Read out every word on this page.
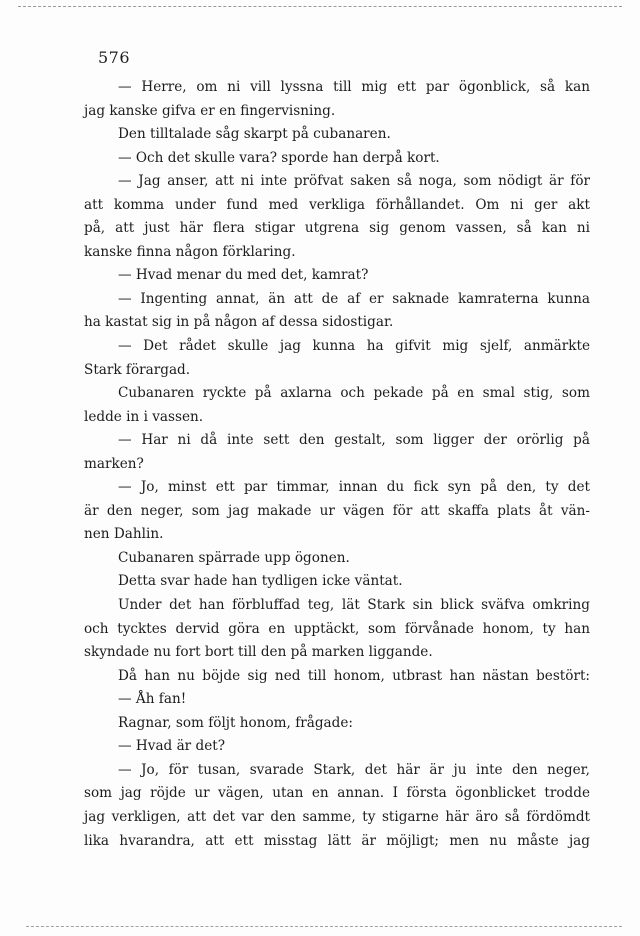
576
— Herre, om ni vill lyssna till mig ett par ögonblick, så kan
jag kanske gifva er en fingervisning.
Den tilltalade såg skarpt på cubanaren.
— Och det skulle vara? sporde han derpå kort.
— Jag anser, att ni inte pröfvat saken så noga, som nödigt är för
att komma under fund med verkliga förhållandet. Om ni ger akt
på, att just här flera stigar utgrena sig genom vassen, så kan ni
kanske finna någon förklaring.
— Hvad menar du med det, kamrat?
— Ingenting annat, än att de af er saknade kamraterna kunna
ha kastat sig in på någon af dessa sidostigar.
— Det rådet skulle jag kunna ha gifvit mig sjelf, anmärkte
Stark förargad.
Cubanaren ryckte på axlarna och pekade på en smal stig, som
ledde in i vassen.
— Har ni då inte sett den gestalt, som ligger der orörlig på
marken?
— Jo, minst ett par timmar, innan du fick syn på den, ty det
är den neger, som jag makade ur vägen för att skaffa plats åt vän-
nen Dahlin.
Cubanaren spärrade upp ögonen.
Detta svar hade han tydligen icke väntat.
Under det han förbluffad teg, lät Stark sin blick sväfva omkring
och tycktes dervid göra en upptäckt, som förvånade honom, ty han
skyndade nu fort bort till den på marken liggande.
Då han nu böjde sig ned till honom, utbrast han nästan bestört:
— Åh fan!
Ragnar, som följt honom, frågade:
— Hvad är det?
— Jo, för tusan, svarade Stark, det här är ju inte den neger,
som jag röjde ur vägen, utan en annan. I första ögonblicket trodde
jag verkligen, att det var den samme, ty stigarne här äro så fördömdt
lika hvarandra, att ett misstag lätt är möjligt; men nu måste jag
